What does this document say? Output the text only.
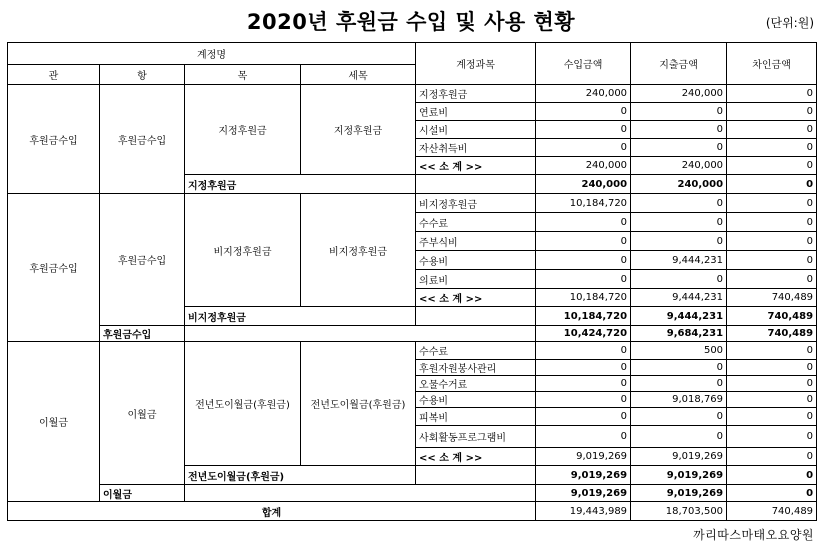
2020년 후원금 수입 및 사용 현황	(단위:원)
계정명				계정과목	수입금액	지출금액	차인금액
관	항	목	세목				
후원금수입	후원금수입	지정후원금	지정후원금	지정후원금	240,000	240,000	0
				연료비	0	0	0
				시설비	0	0	0
				자산취득비	0	0	0
				<< 소 계 >>	240,000	240,000	0
		지정후원금			240,000	240,000	0
후원금수입	후원금수입	비지정후원금	비지정후원금	비지정후원금	10,184,720	0	0
				수수료	0	0	0
				주부식비	0	0	0
				수용비	0	9,444,231	0
				의료비	0	0	0
				<< 소 계 >>	10,184,720	9,444,231	740,489
		비지정후원금			10,184,720	9,444,231	740,489
	후원금수입				10,424,720	9,684,231	740,489
이월금	이월금	전년도이월금(후원금)	전년도이월금(후원금)	수수료	0	500	0
				후원자원봉사관리	0	0	0
				오물수거료	0	0	0
				수용비	0	9,018,769	0
				피복비	0	0	0
				사회활동프로그램비	0	0	0
				<< 소 계 >>	9,019,269	9,019,269	0
		전년도이월금(후원금)			9,019,269	9,019,269	0
	이월금				9,019,269	9,019,269	0
합계					19,443,989	18,703,500	740,489
까리따스마태오요양원
